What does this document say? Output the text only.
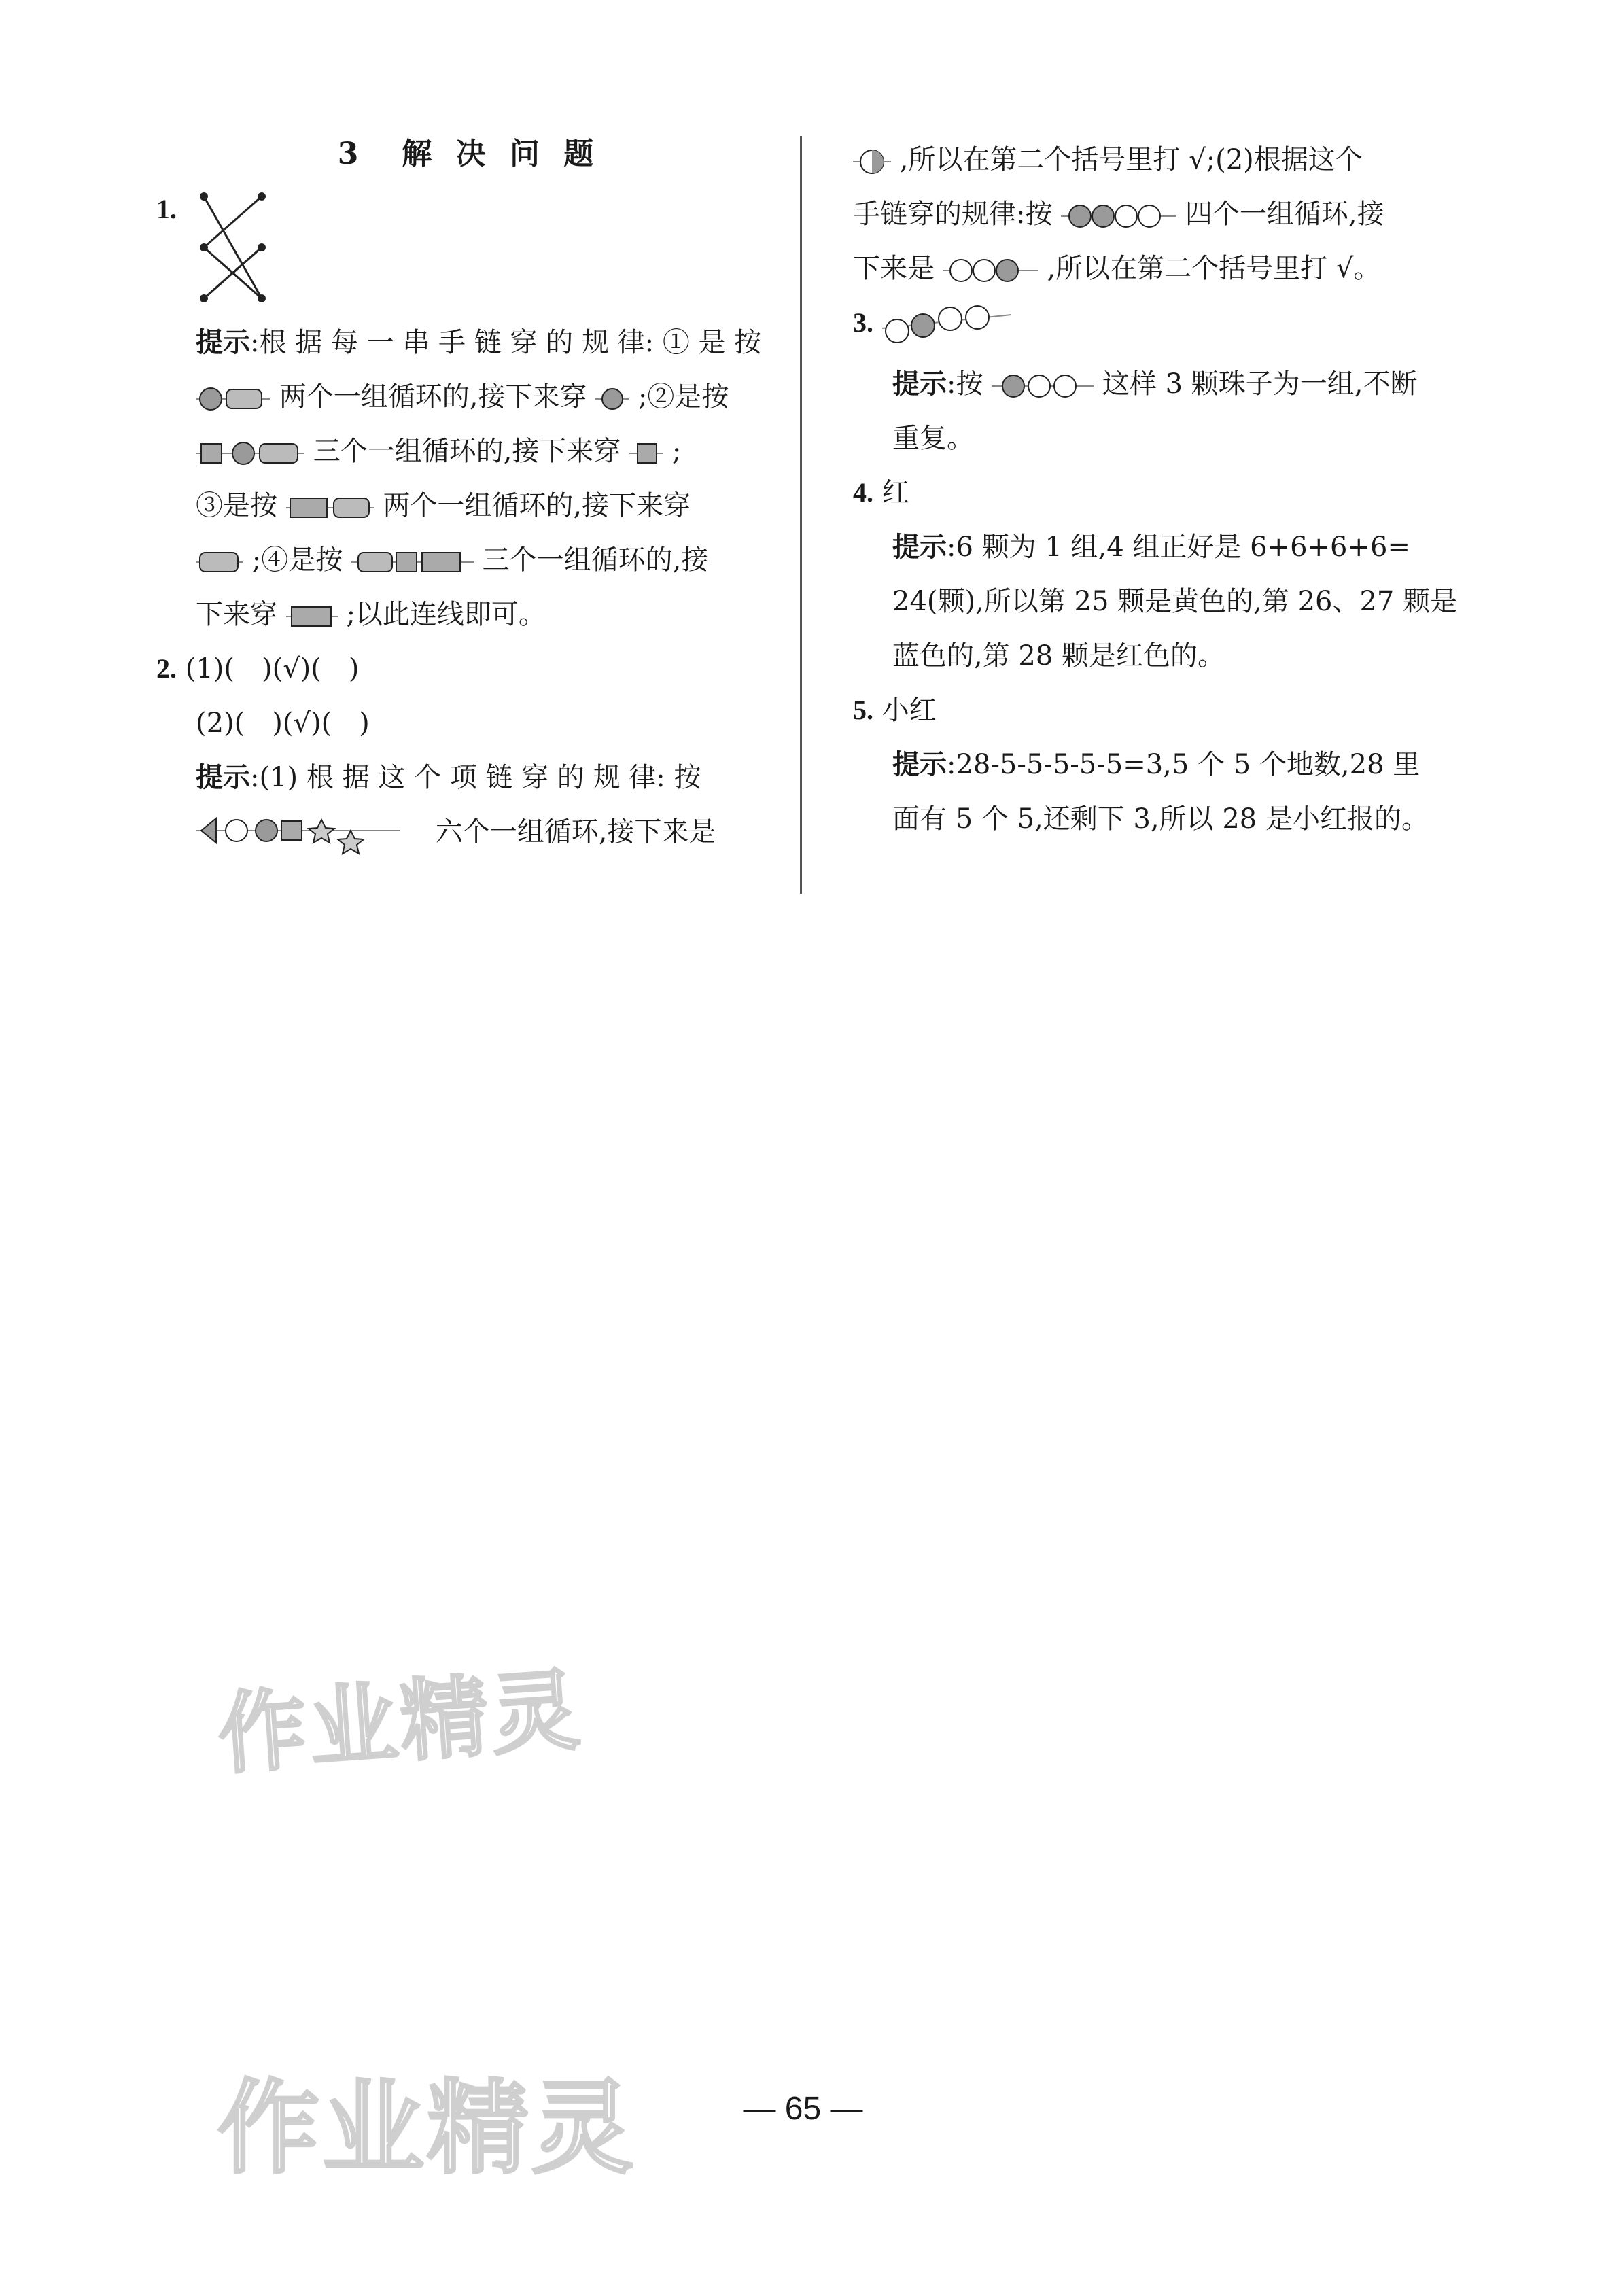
3　解 决 问 题
1.
提示:根 据 每 一 串 手 链 穿 的 规 律: ① 是 按
两个一组循环的,接下来穿 ;②是按
三个一组循环的,接下来穿 ;
③是按	两个一组循环的,接下来穿
;④是按	三个一组循环的,接
下来穿	;以此连线即可。
2. (1)(　)(√)(　)
(2)(　)(√)(　)
提示:(1) 根 据 这 个 项 链 穿 的 规 律: 按
六个一组循环,接下来是
,所以在第二个括号里打 √;(2)根据这个
手链穿的规律:按	四个一组循环,接
下来是	,所以在第二个括号里打 √。
3.
提示:按	这样 3 颗珠子为一组,不断
重复。
4. 红
提示:6 颗为 1 组,4 组正好是 6+6+6+6=
24(颗),所以第 25 颗是黄色的,第 26、27 颗是
蓝色的,第 28 颗是红色的。
5. 小红
提示:28-5-5-5-5-5=3,5 个 5 个地数,28 里
面有 5 个 5,还剩下 3,所以 28 是小红报的。
作业精灵
作业精灵	— 65 —
